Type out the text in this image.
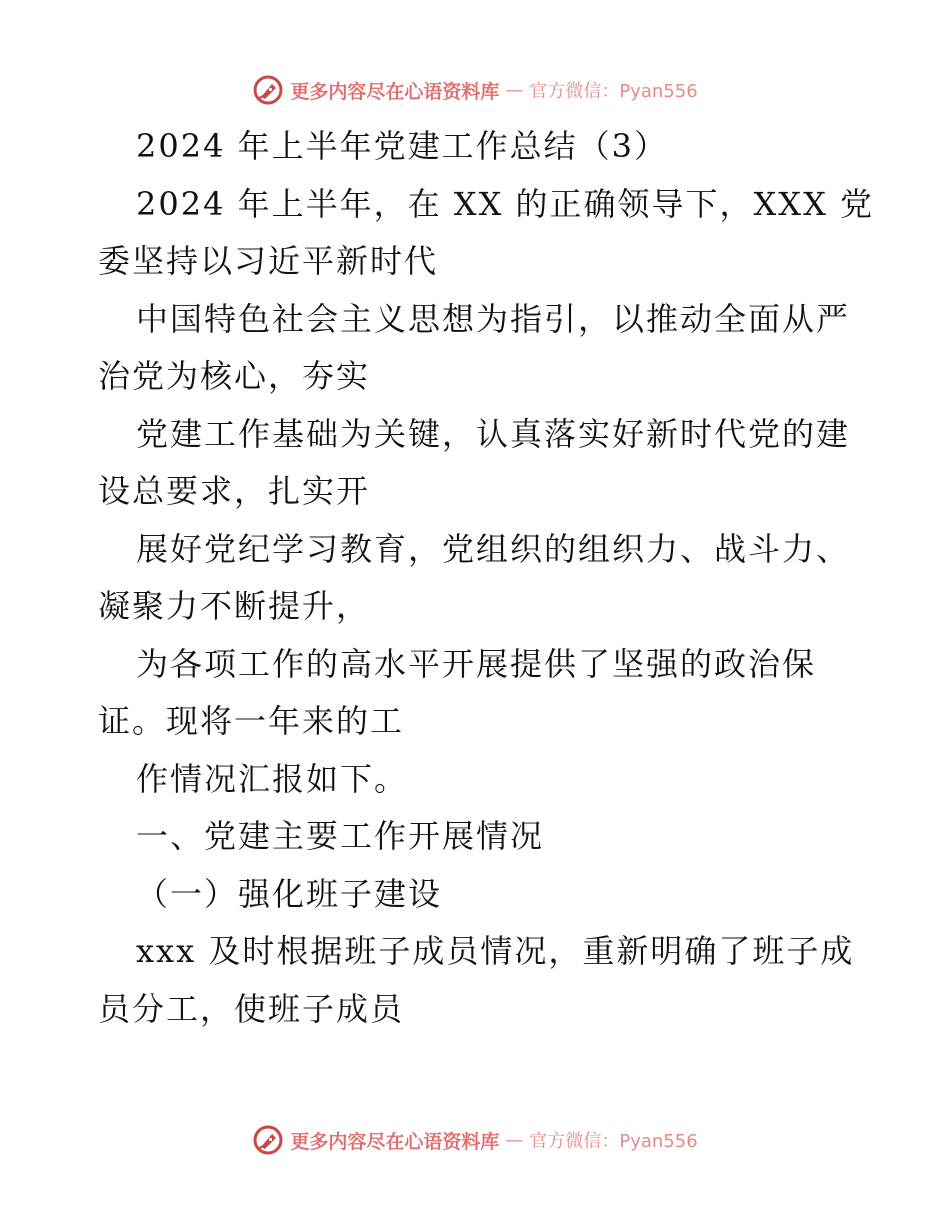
更多内容尽在心语资料库 — 官方微信：Pyan556
2024 年上半年党建工作总结（3）
2024 年上半年，在 XX 的正确领导下，XXX 党
委坚持以习近平新时代
中国特色社会主义思想为指引，以推动全面从严
治党为核心，夯实
党建工作基础为关键，认真落实好新时代党的建
设总要求，扎实开
展好党纪学习教育，党组织的组织力、战斗力、
凝聚力不断提升，
为各项工作的高水平开展提供了坚强的政治保
证。现将一年来的工
作情况汇报如下。
一、党建主要工作开展情况
（一）强化班子建设
xxx 及时根据班子成员情况，重新明确了班子成
员分工，使班子成员
更多内容尽在心语资料库 — 官方微信：Pyan556
